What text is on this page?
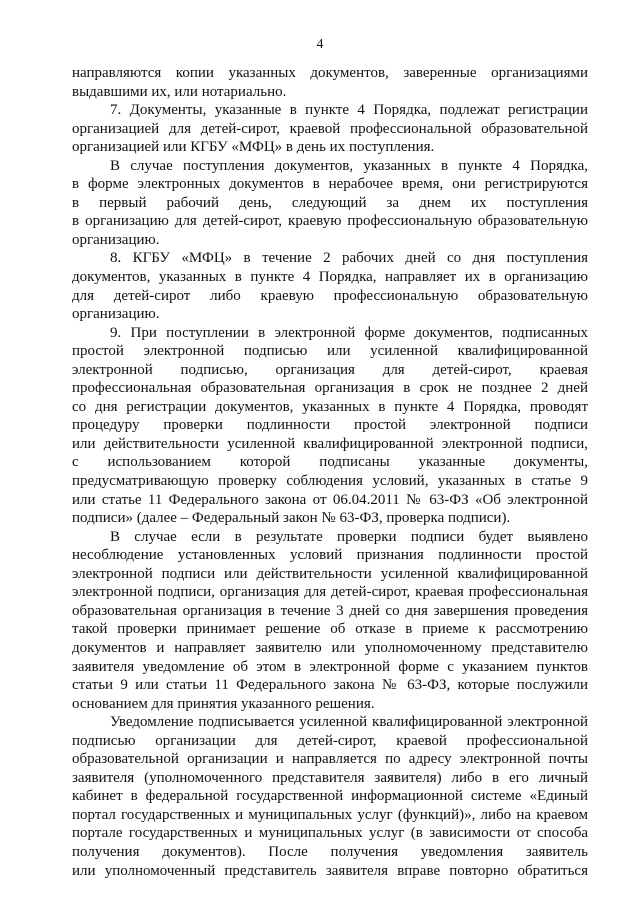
4
направляются копии указанных документов, заверенные организациями
выдавшими их, или нотариально.
7. Документы, указанные в пункте 4 Порядка, подлежат регистрации
организацией для детей-сирот, краевой профессиональной образовательной
организацией или КГБУ «МФЦ» в день их поступления.
В случае поступления документов, указанных в пункте 4 Порядка,
в форме электронных документов в нерабочее время, они регистрируются
в первый рабочий день, следующий за днем их поступления
в организацию для детей-сирот, краевую профессиональную образовательную
организацию.
8. КГБУ «МФЦ» в течение 2 рабочих дней со дня поступления
документов, указанных в пункте 4 Порядка, направляет их в организацию
для детей-сирот либо краевую профессиональную образовательную
организацию.
9. При поступлении в электронной форме документов, подписанных
простой электронной подписью или усиленной квалифицированной
электронной подписью, организация для детей-сирот, краевая
профессиональная образовательная организация в срок не позднее 2 дней
со дня регистрации документов, указанных в пункте 4 Порядка, проводят
процедуру проверки подлинности простой электронной подписи
или действительности усиленной квалифицированной электронной подписи,
с использованием которой подписаны указанные документы,
предусматривающую проверку соблюдения условий, указанных в статье 9
или статье 11 Федерального закона от 06.04.2011 № 63-ФЗ «Об электронной
подписи» (далее – Федеральный закон № 63-ФЗ, проверка подписи).
В случае если в результате проверки подписи будет выявлено
несоблюдение установленных условий признания подлинности простой
электронной подписи или действительности усиленной квалифицированной
электронной подписи, организация для детей-сирот, краевая профессиональная
образовательная организация в течение 3 дней со дня завершения проведения
такой проверки принимает решение об отказе в приеме к рассмотрению
документов и направляет заявителю или уполномоченному представителю
заявителя уведомление об этом в электронной форме с указанием пунктов
статьи 9 или статьи 11 Федерального закона № 63-ФЗ, которые послужили
основанием для принятия указанного решения.
Уведомление подписывается усиленной квалифицированной электронной
подписью организации для детей-сирот, краевой профессиональной
образовательной организации и направляется по адресу электронной почты
заявителя (уполномоченного представителя заявителя) либо в его личный
кабинет в федеральной государственной информационной системе «Единый
портал государственных и муниципальных услуг (функций)», либо на краевом
портале государственных и муниципальных услуг (в зависимости от способа
получения документов). После получения уведомления заявитель
или уполномоченный представитель заявителя вправе повторно обратиться
